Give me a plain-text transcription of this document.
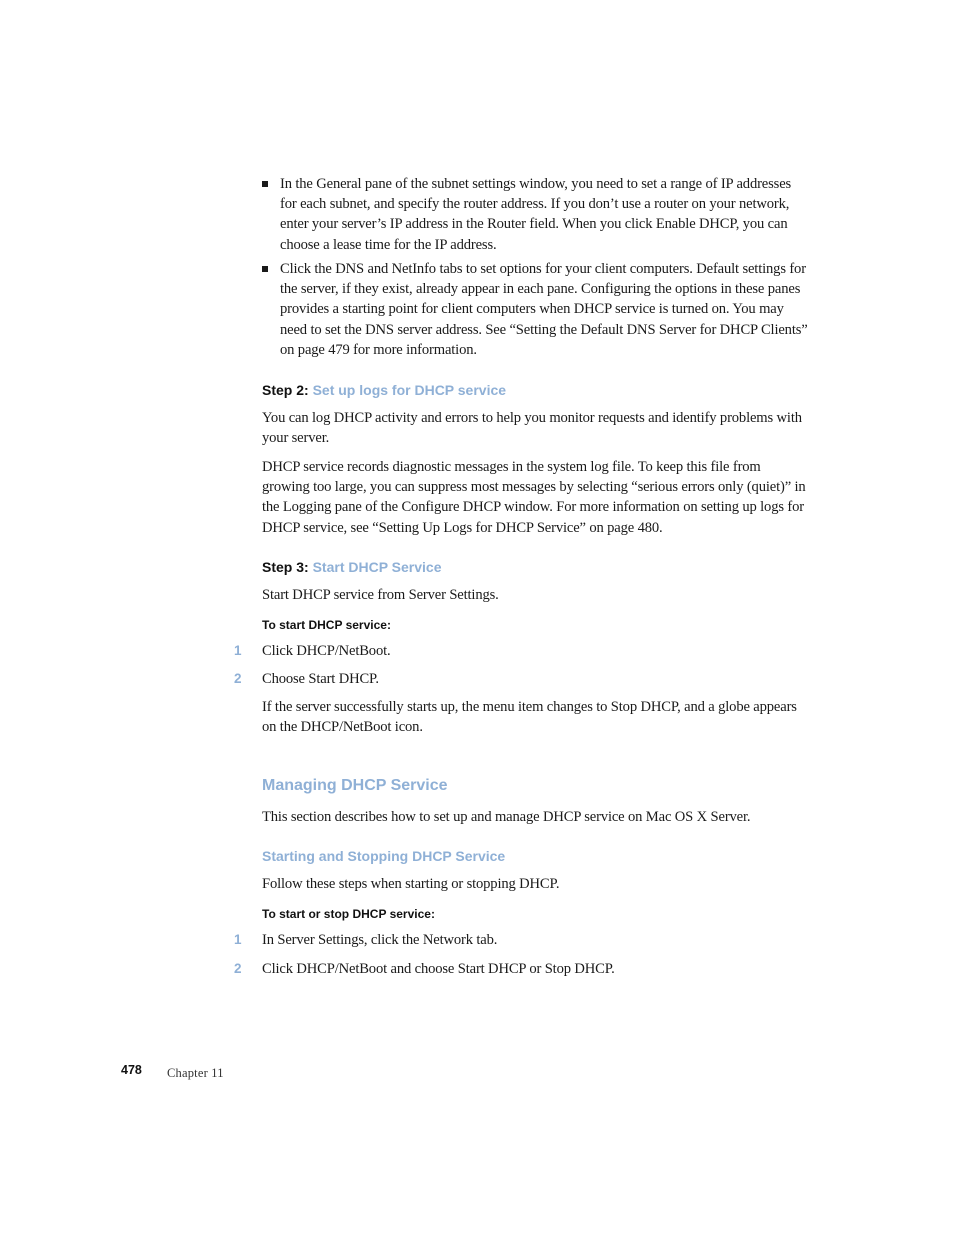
In the General pane of the subnet settings window, you need to set a range of IP addresses for each subnet, and specify the router address. If you don’t use a router on your network, enter your server’s IP address in the Router field. When you click Enable DHCP, you can choose a lease time for the IP address.

Click the DNS and NetInfo tabs to set options for your client computers. Default settings for the server, if they exist, already appear in each pane. Configuring the options in these panes provides a starting point for client computers when DHCP service is turned on. You may need to set the DNS server address. See “Setting the Default DNS Server for DHCP Clients” on page 479 for more information.

Step 2: Set up logs for DHCP service

You can log DHCP activity and errors to help you monitor requests and identify problems with your server.

DHCP service records diagnostic messages in the system log file. To keep this file from growing too large, you can suppress most messages by selecting “serious errors only (quiet)” in the Logging pane of the Configure DHCP window. For more information on setting up logs for DHCP service, see “Setting Up Logs for DHCP Service” on page 480.

Step 3: Start DHCP Service

Start DHCP service from Server Settings.

To start DHCP service:
1	Click DHCP/NetBoot.
2	Choose Start DHCP.

If the server successfully starts up, the menu item changes to Stop DHCP, and a globe appears on the DHCP/NetBoot icon.

Managing DHCP Service

This section describes how to set up and manage DHCP service on Mac OS X Server.

Starting and Stopping DHCP Service

Follow these steps when starting or stopping DHCP.

To start or stop DHCP service:
1	In Server Settings, click the Network tab.
2	Click DHCP/NetBoot and choose Start DHCP or Stop DHCP.
478 Chapter 11
